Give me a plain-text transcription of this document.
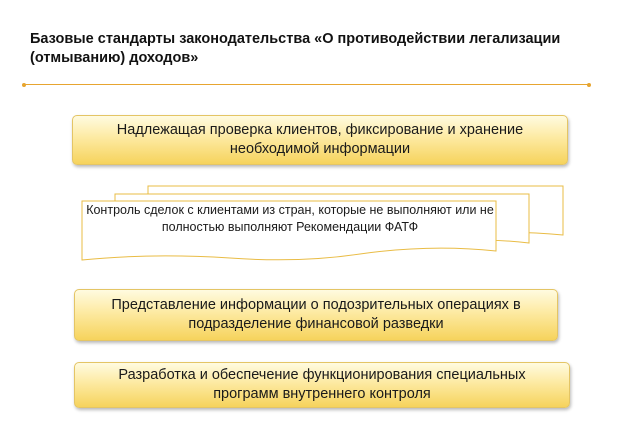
Базовые стандарты законодательства «О противодействии легализации (отмыванию) доходов»
Надлежащая проверка клиентов, фиксирование и хранение необходимой информации
Контроль сделок с клиентами из стран, которые не выполняют или не полностью выполняют Рекомендации ФАТФ
Представление информации о подозрительных операциях в подразделение финансовой разведки
Разработка и обеспечение функционирования специальных программ внутреннего контроля
